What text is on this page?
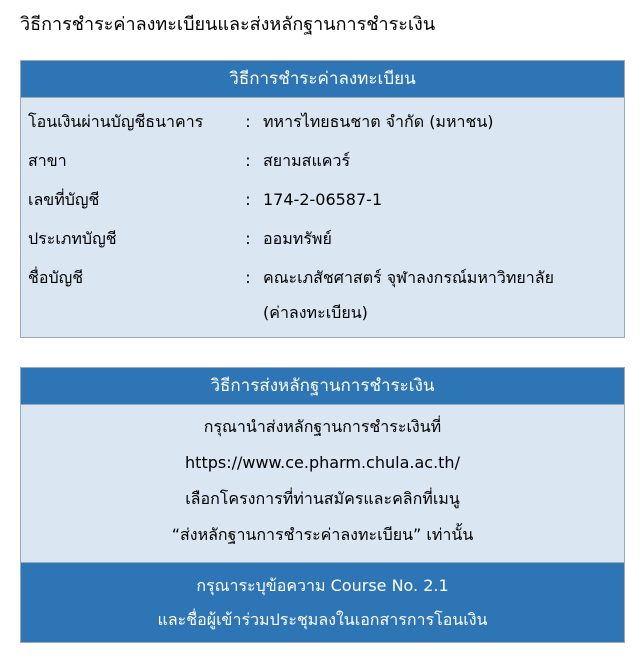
วิธีการชำระค่าลงทะเบียนและส่งหลักฐานการชำระเงิน
วิธีการชำระค่าลงทะเบียน
โอนเงินผ่านบัญชีธนาคาร	: ทหารไทยธนชาต จำกัด (มหาชน)
สาขา	: สยามสแควร์
เลขที่บัญชี	: 174-2-06587-1
ประเภทบัญชี	: ออมทรัพย์
ชื่อบัญชี	: คณะเภสัชศาสตร์ จุฬาลงกรณ์มหาวิทยาลัย
(ค่าลงทะเบียน)
วิธีการส่งหลักฐานการชำระเงิน
กรุณานำส่งหลักฐานการชำระเงินที่
https://www.ce.pharm.chula.ac.th/
เลือกโครงการที่ท่านสมัครและคลิกที่เมนู
“ส่งหลักฐานการชำระค่าลงทะเบียน” เท่านั้น
กรุณาระบุข้อความ Course No. 2.1
และชื่อผู้เข้าร่วมประชุมลงในเอกสารการโอนเงิน
